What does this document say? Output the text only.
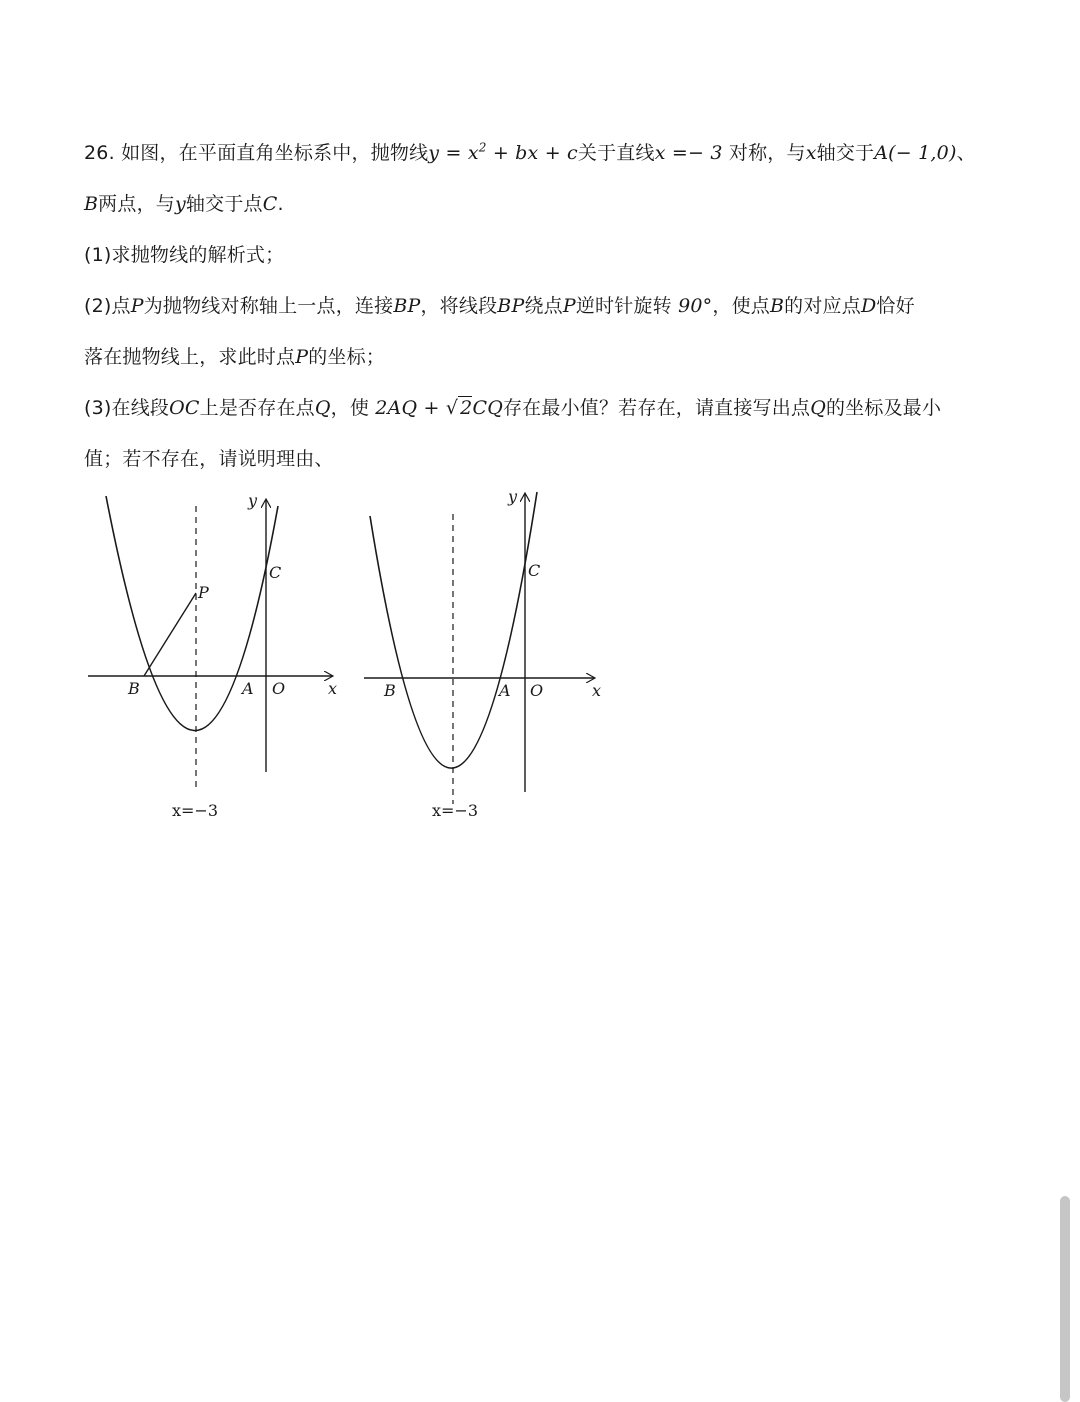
26. 如图，在平面直角坐标系中，抛物线$y = x^2$ + bx + c关于直线x =− 3 对称，与x轴交于A(− 1,0)、
B两点，与y轴交于点C.
(1)求抛物线的解析式；
(2)点P为抛物线对称轴上一点，连接BP，将线段BP绕点P逆时针旋转 90°，使点B的对应点D恰好
落在抛物线上，求此时点P的坐标；
(3)在线段OC上是否存在点Q，使 2AQ + √ 2CQ存在最小值？若存在，请直接写出点Q的坐标及最小
值；若不存在，请说明理由、
y
x
C
P
B	A O
x=−3
y
x
C
B	A O
x=−3
